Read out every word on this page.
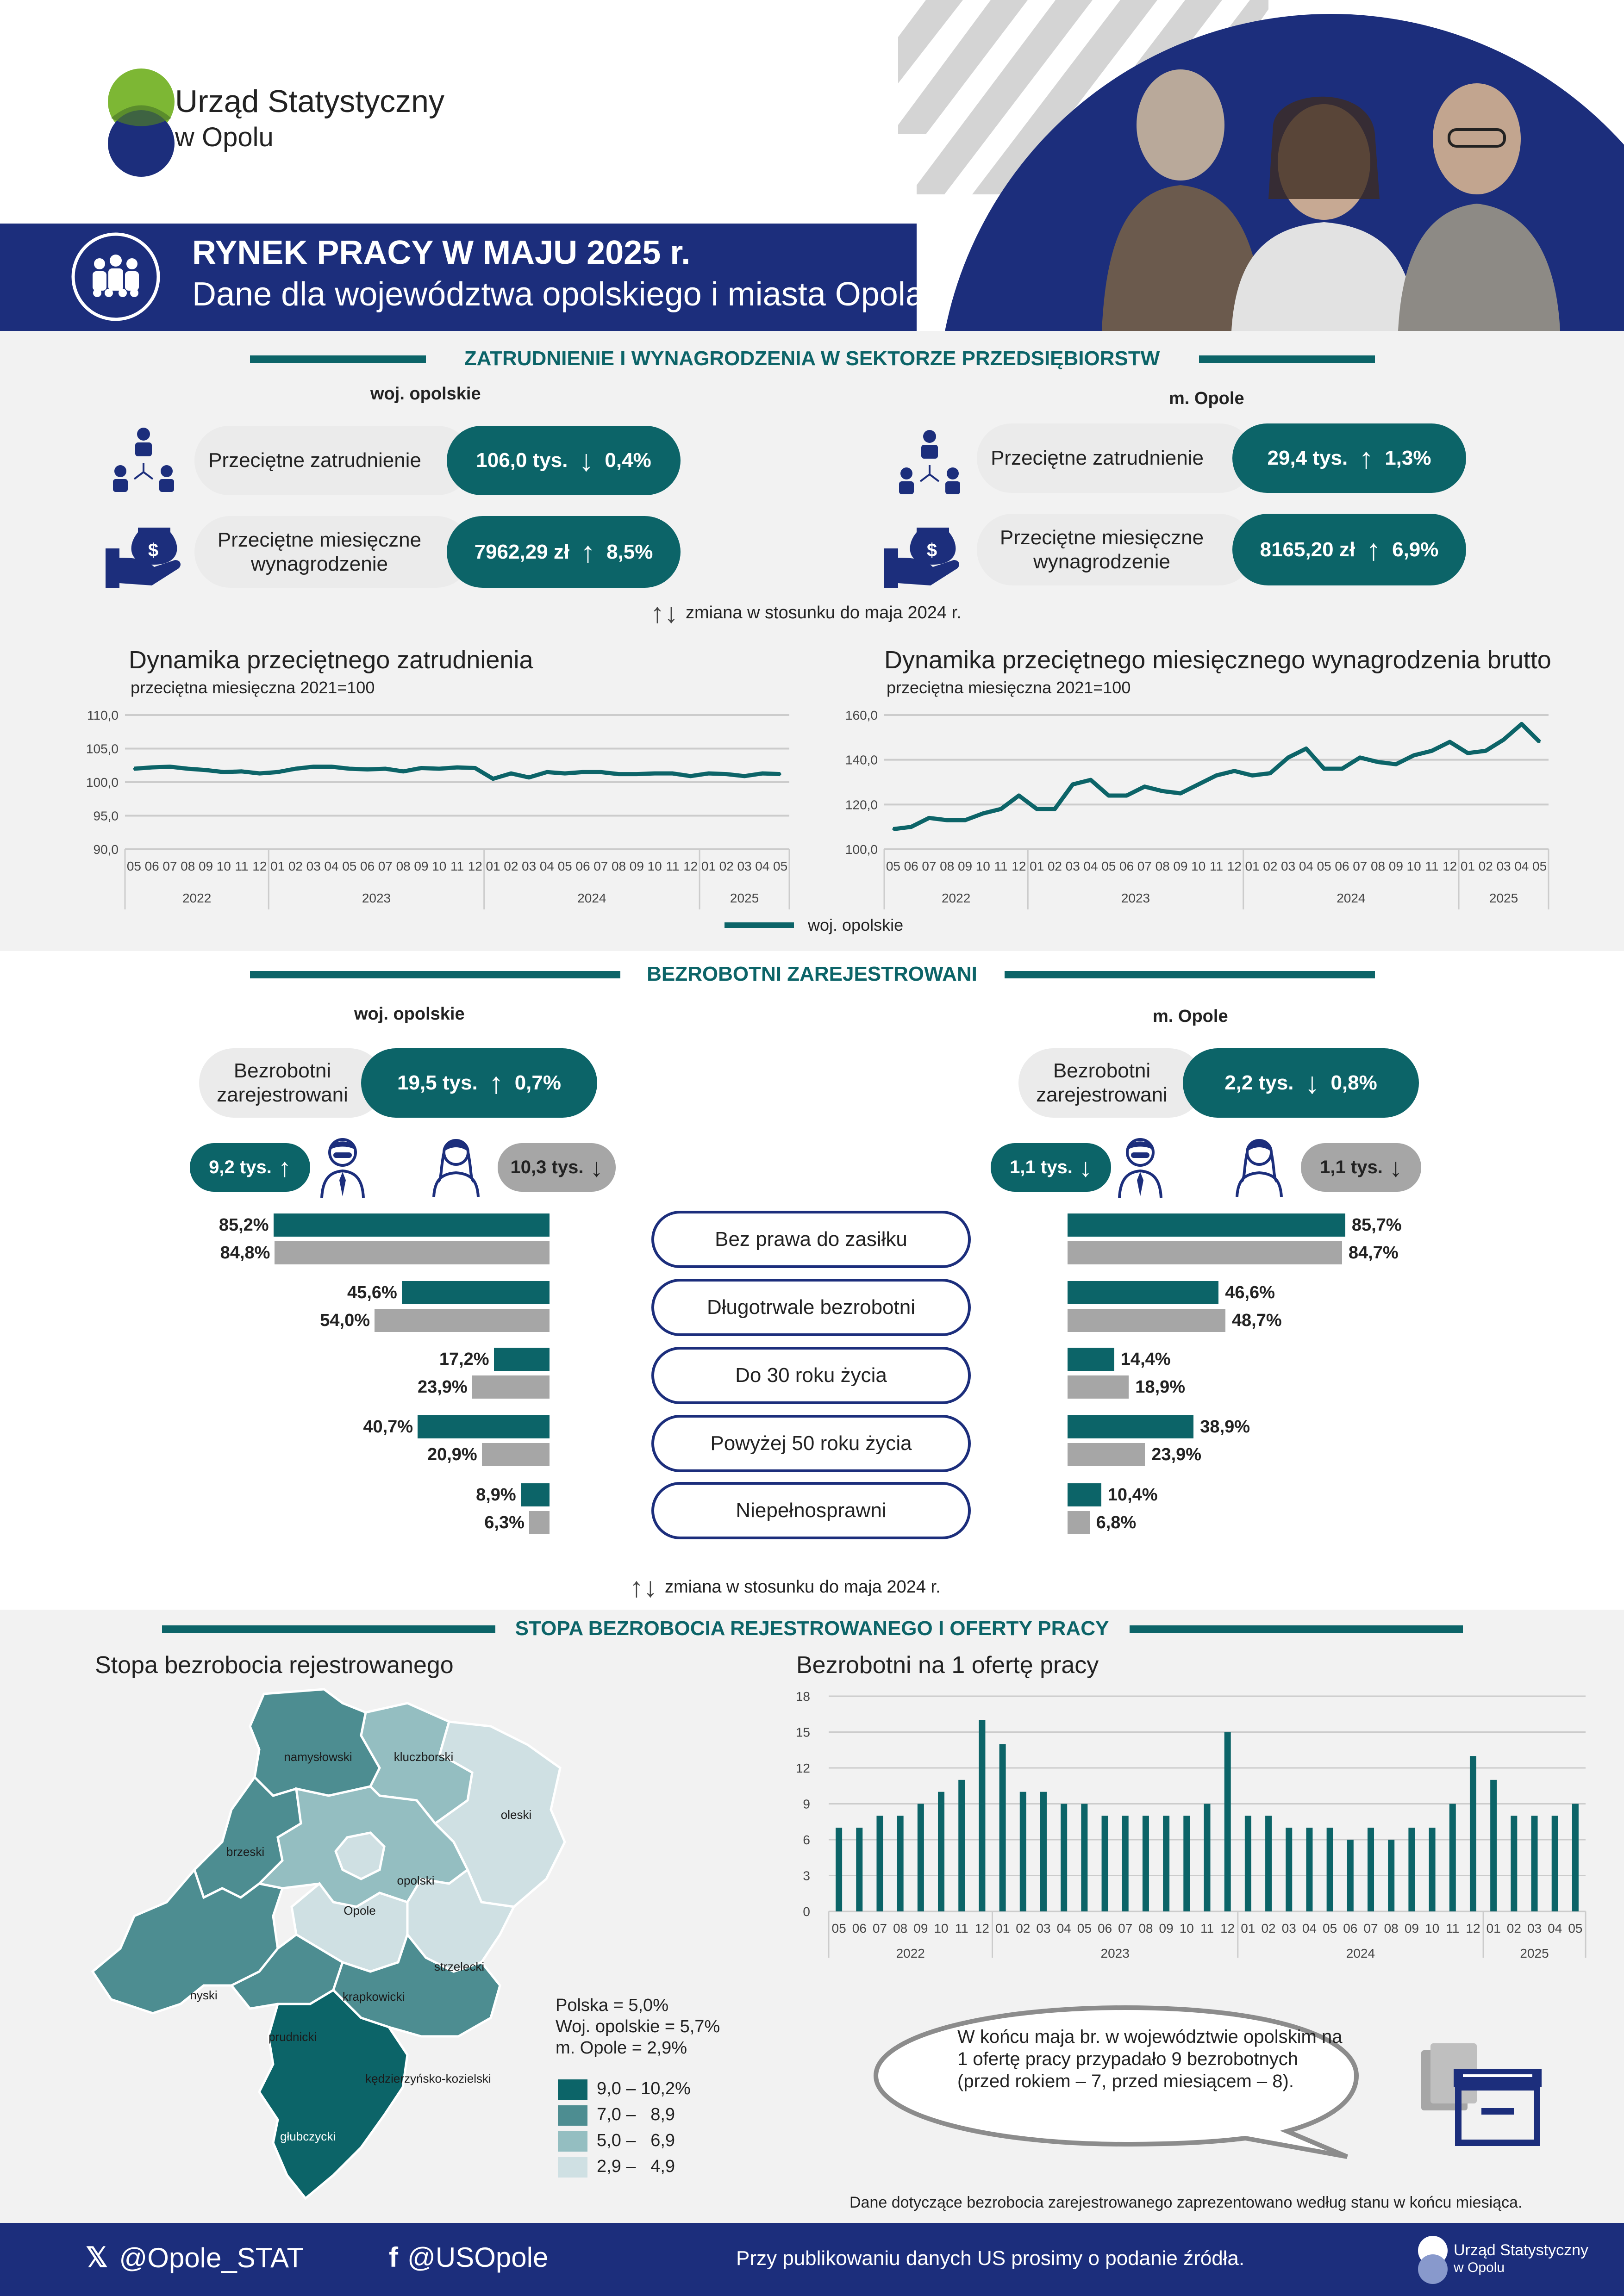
Urząd Statystyczny
w Opolu
RYNEK PRACY W MAJU 2025 r.
Dane dla województwa opolskiego i miasta Opola
ZATRUDNIENIE I WYNAGRODZENIA W SEKTORZE PRZEDSIĘBIORSTW
woj. opolskie	m. Opole
$	$
Przeciętne zatrudnienie	106,0 tys. ↓ 0,4%
Przeciętne miesięczne wynagrodzenie
7962,29 zł ↑ 8,5%
Przeciętne zatrudnienie	29,4 tys. ↑ 1,3%
Przeciętne miesięczne wynagrodzenie
8165,20 zł ↑ 6,9%
↑↓ zmiana w stosunku do maja 2024 r.
Dynamika przeciętnego zatrudnienia
przeciętna miesięczna 2021=100
110,0
105,0
100,0
95,0
90,0
05 06 07 08 09 10 11 12 01 02 03 04 05 06 07 08 09 10 11 12 01 02 03 04 05 06 07 08 09 10 11 12 01 02 03 04 05
2022	2023	2024	2025
Dynamika przeciętnego miesięcznego wynagrodzenia brutto
przeciętna miesięczna 2021=100
160,0
140,0
120,0
100,0
05 06 07 08 09 10 11 12 01 02 03 04 05 06 07 08 09 10 11 12 01 02 03 04 05 06 07 08 09 10 11 12 01 02 03 04 05
2022	2023	2024	2025
woj. opolskie
BEZROBOTNI ZAREJESTROWANI
woj. opolskie	m. Opole
Bezrobotni zarejestrowani
19,5 tys. ↑ 0,7%
Bezrobotni zarejestrowani
2,2 tys. ↓ 0,8%
9,2 tys. ↑	10,3 tys. ↓	1,1 tys. ↓	1,1 tys. ↓
Bez prawa do zasiłku
Długotrwale bezrobotni
Do 30 roku życia
Powyżej 50 roku życia
Niepełnosprawni
85,2%
84,8%
45,6%
54,0%
17,2%
23,9%
40,7%
20,9%
8,9%
6,3%
85,7%
84,7%
46,6%
48,7%
14,4%
18,9%
38,9%
23,9%
10,4%
6,8%
↑↓ zmiana w stosunku do maja 2024 r.
STOPA BEZROBOCIA REJESTROWANEGO I OFERTY PRACY
Stopa bezrobocia rejestrowanego
namysłowski	kluczborski
oleski
brzeski
opolski
Opole
strzelecki
nyski	krapkowicki
prudnicki
kędzierzyńsko-kozielski
głubczycki
Polska = 5,0%
Woj. opolskie = 5,7%
m. Opole = 2,9%
9,0 – 10,2%
7,0 –   8,9
5,0 –   6,9
2,9 –   4,9
Bezrobotni na 1 ofertę pracy
18
15
12
9
6
3
0
05 06 07 08 09 10 11 12 01 02 03 04 05 06 07 08 09 10 11 12 01 02 03 04 05 06 07 08 09 10 11 12 01 02 03 04 05
2022	2023	2024	2025
W końcu maja br. w województwie opolskim na 1 ofertę pracy przypadało 9 bezrobotnych (przed rokiem – 7, przed miesiącem – 8).
Dane dotyczące bezrobocia zarejestrowanego zaprezentowano według stanu w końcu miesiąca.
𝕏 @Opole_STAT	f @USOpole	Przy publikowaniu danych US prosimy o podanie źródła.	Urząd Statystyczny
w Opolu
